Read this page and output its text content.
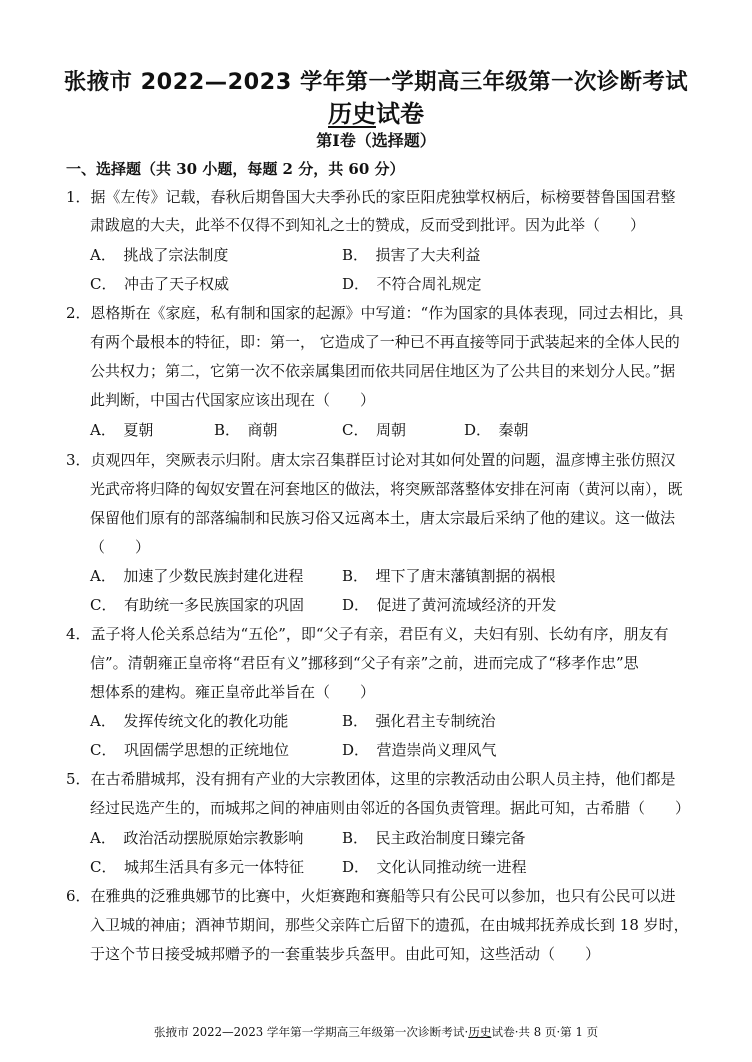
张掖市 2022—2023 学年第一学期高三年级第一次诊断考试
历史试卷
第Ⅰ卷（选择题）
一、选择题（共 30 小题，每题 2 分，共 60 分）
1．据《左传》记载，春秋后期鲁国大夫季孙氏的家臣阳虎独掌权柄后，标榜要替鲁国国君整
肃跋扈的大夫，此举不仅得不到知礼之士的赞成，反而受到批评。因为此举（　　）
A．　挑战了宗法制度	B．　损害了大夫利益
C．　冲击了天子权威	D．　不符合周礼规定
2．恩格斯在《家庭，私有制和国家的起源》中写道：“作为国家的具体表现，同过去相比，具
有两个最根本的特征，即：第一， 它造成了一种已不再直接等同于武装起来的全体人民的
公共权力；第二，它第一次不依亲属集团而依共同居住地区为了公共目的来划分人民。”据
此判断，中国古代国家应该出现在（　　）
A．　夏朝	B．　商朝	C．　周朝	D．　秦朝
3．贞观四年，突厥表示归附。唐太宗召集群臣讨论对其如何处置的问题，温彦博主张仿照汉
光武帝将归降的匈奴安置在河套地区的做法，将突厥部落整体安排在河南（黄河以南），既
保留他们原有的部落编制和民族习俗又远离本土，唐太宗最后采纳了他的建议。这一做法
（　　）
A．　加速了少数民族封建化进程	B．　埋下了唐末藩镇割据的祸根
C．　有助统一多民族国家的巩固	D．　促进了黄河流域经济的开发
4．孟子将人伦关系总结为“五伦”，即“父子有亲，君臣有义，夫妇有别、长幼有序，朋友有
信”。清朝雍正皇帝将“君臣有义”挪移到“父子有亲”之前，进而完成了“移孝作忠”思
想体系的建构。雍正皇帝此举旨在（　　）
A．　发挥传统文化的教化功能	B．　强化君主专制统治
C．　巩固儒学思想的正统地位	D．　营造崇尚义理风气
5．在古希腊城邦，没有拥有产业的大宗教团体，这里的宗教活动由公职人员主持，他们都是
经过民选产生的，而城邦之间的神庙则由邻近的各国负责管理。据此可知，古希腊（　　）
A．　政治活动摆脱原始宗教影响	B．　民主政治制度日臻完备
C．　城邦生活具有多元一体特征	D．　文化认同推动统一进程
6．在雅典的泛雅典娜节的比赛中，火炬赛跑和赛船等只有公民可以参加，也只有公民可以进
入卫城的神庙；酒神节期间，那些父亲阵亡后留下的遗孤，在由城邦抚养成长到 18 岁时，
于这个节日接受城邦赠予的一套重装步兵盔甲。由此可知，这些活动（　　）
张掖市 2022—2023 学年第一学期高三年级第一次诊断考试·历史试卷·共 8 页·第 1 页
